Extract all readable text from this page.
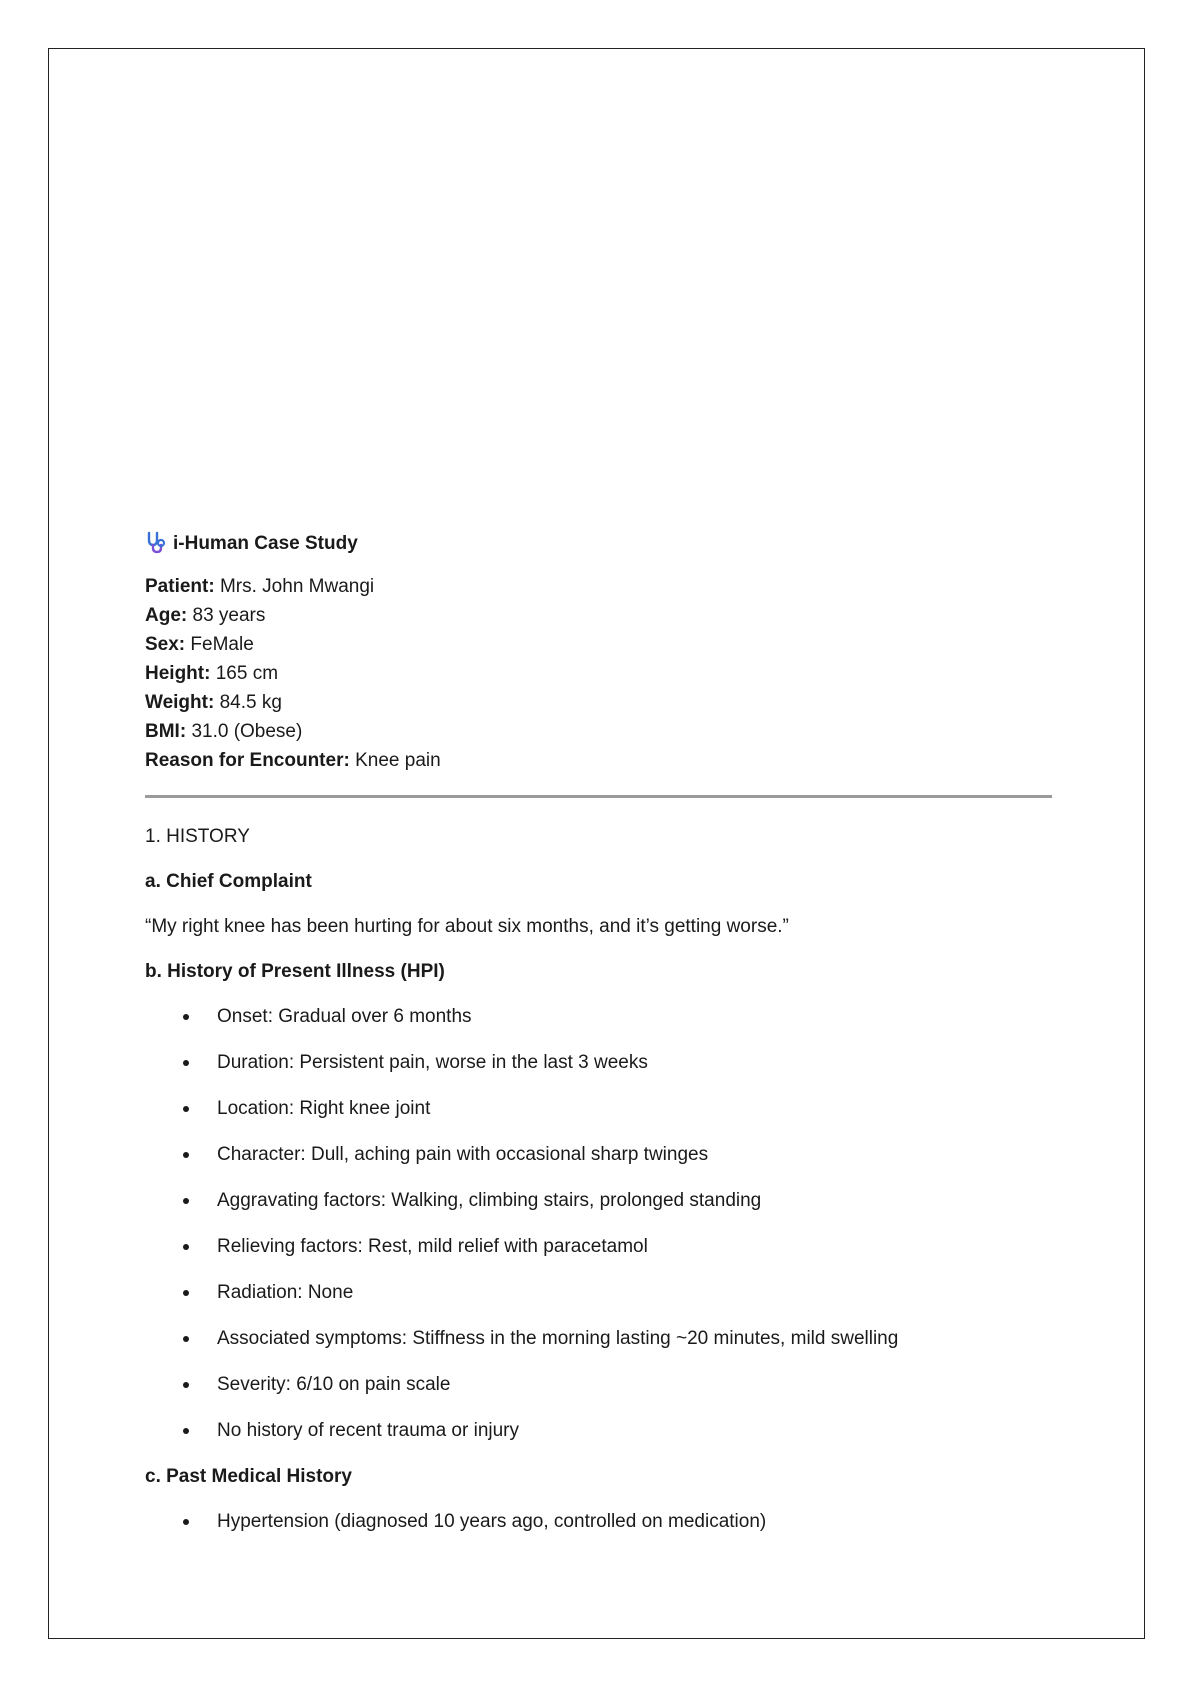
i-Human Case Study
Patient: Mrs. John Mwangi
Age: 83 years
Sex: FeMale
Height: 165 cm
Weight: 84.5 kg
BMI: 31.0 (Obese)
Reason for Encounter: Knee pain
1. HISTORY
a. Chief Complaint
“My right knee has been hurting for about six months, and it’s getting worse.”
b. History of Present Illness (HPI)
Onset: Gradual over 6 months
Duration: Persistent pain, worse in the last 3 weeks
Location: Right knee joint
Character: Dull, aching pain with occasional sharp twinges
Aggravating factors: Walking, climbing stairs, prolonged standing
Relieving factors: Rest, mild relief with paracetamol
Radiation: None
Associated symptoms: Stiffness in the morning lasting ~20 minutes, mild swelling
Severity: 6/10 on pain scale
No history of recent trauma or injury
c. Past Medical History
Hypertension (diagnosed 10 years ago, controlled on medication)
